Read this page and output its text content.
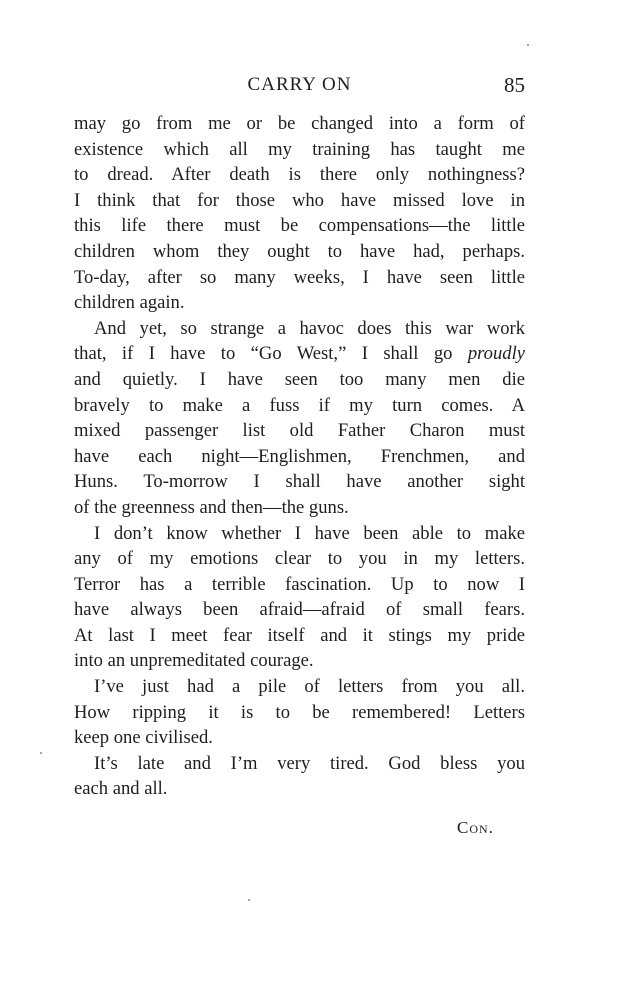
CARRY ON	85
may go from me or be changed into a form of
existence which all my training has taught me
to dread. After death is there only nothingness?
I think that for those who have missed love in
this life there must be compensations—the little
children whom they ought to have had, perhaps.
To-day, after so many weeks, I have seen little
children again.
And yet, so strange a havoc does this war work
that, if I have to “Go West,” I shall go proudly
and quietly. I have seen too many men die
bravely to make a fuss if my turn comes. A
mixed passenger list old Father Charon must
have each night—Englishmen, Frenchmen, and
Huns. To-morrow I shall have another sight
of the greenness and then—the guns.
I don’t know whether I have been able to make
any of my emotions clear to you in my letters.
Terror has a terrible fascination. Up to now I
have always been afraid—afraid of small fears.
At last I meet fear itself and it stings my pride
into an unpremeditated courage.
I’ve just had a pile of letters from you all.
How ripping it is to be remembered! Letters
keep one civilised.
It’s late and I’m very tired. God bless you
each and all.
Con.
